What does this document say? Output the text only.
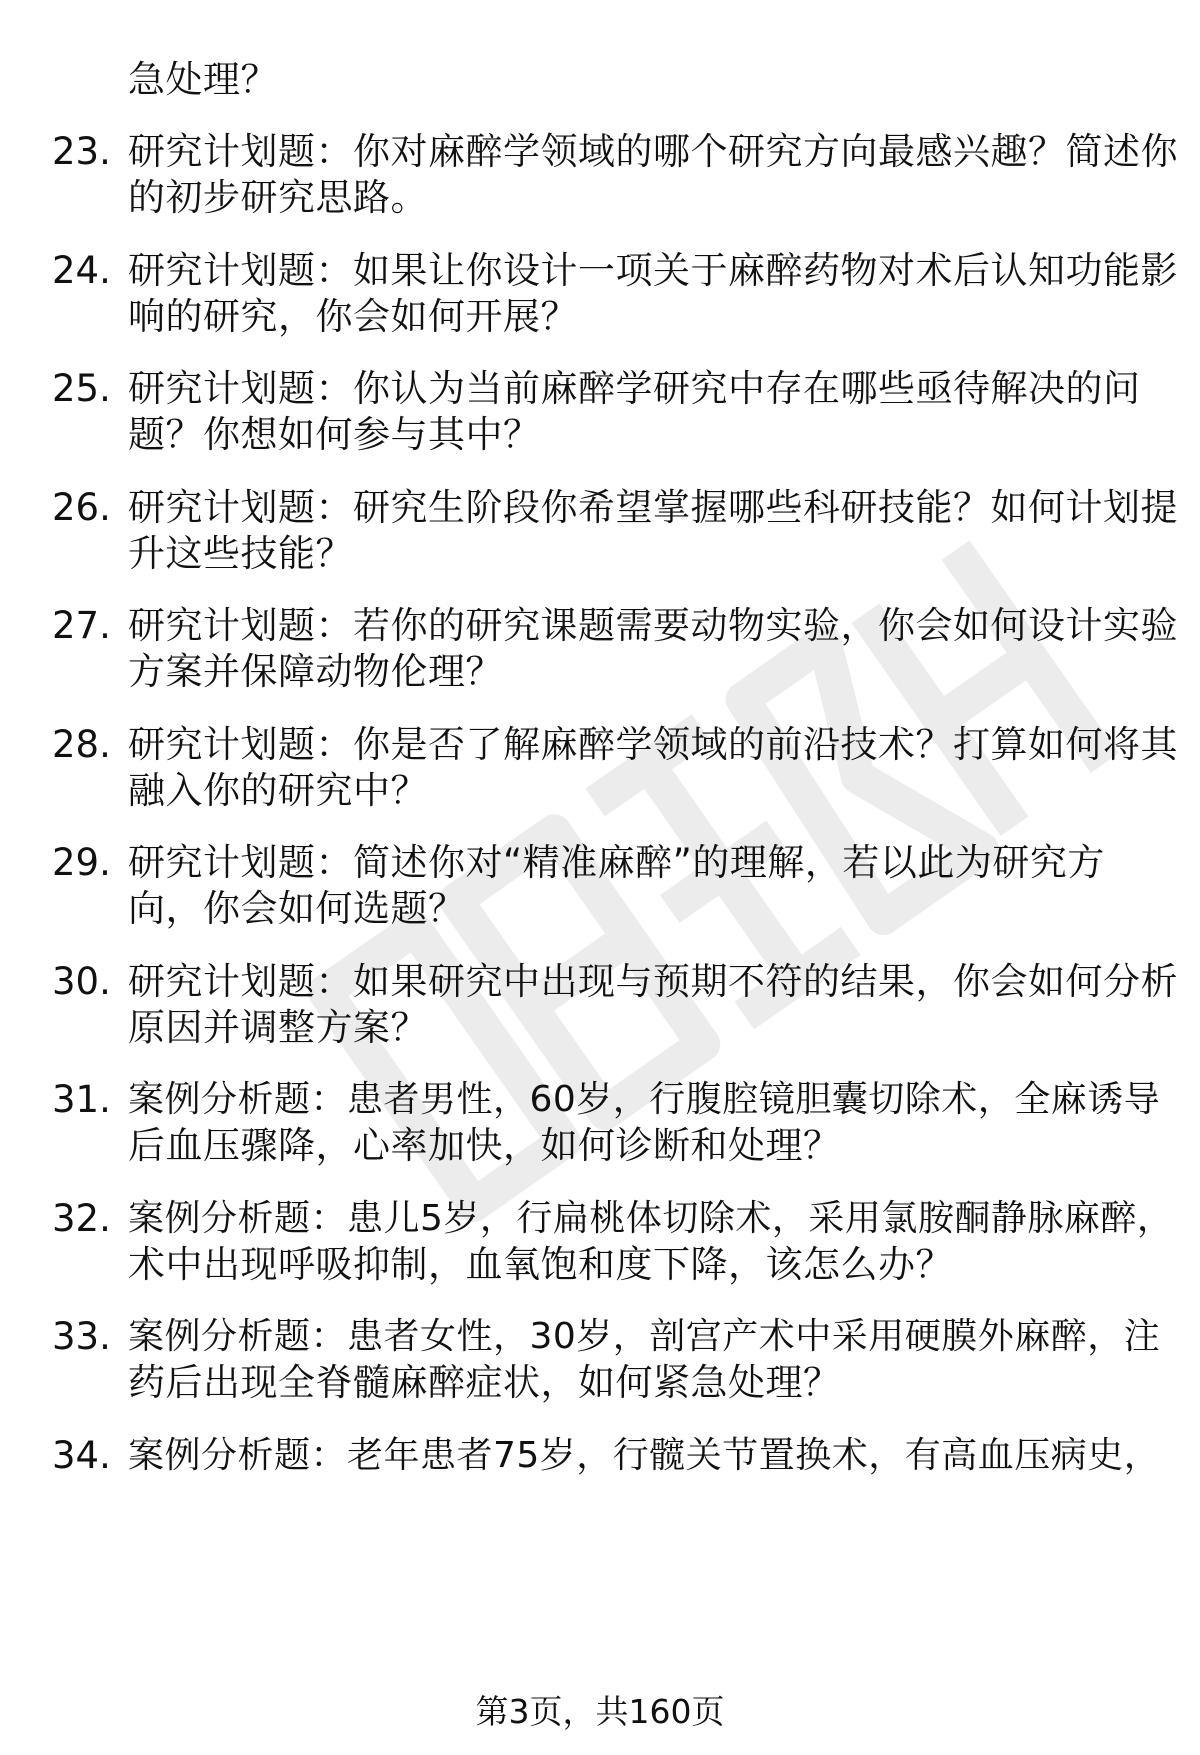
急处理？
23. 研究计划题：你对麻醉学领域的哪个研究方向最感兴趣？简述你
的初步研究思路。
24. 研究计划题：如果让你设计一项关于麻醉药物对术后认知功能影
响的研究，你会如何开展？
25. 研究计划题：你认为当前麻醉学研究中存在哪些亟待解决的问
题？你想如何参与其中？
26. 研究计划题：研究生阶段你希望掌握哪些科研技能？如何计划提
升这些技能？
27. 研究计划题：若你的研究课题需要动物实验，你会如何设计实验
方案并保障动物伦理？
28. 研究计划题：你是否了解麻醉学领域的前沿技术？打算如何将其
融入你的研究中？
29. 研究计划题：简述你对“精准麻醉”的理解，若以此为研究方
向，你会如何选题？
30. 研究计划题：如果研究中出现与预期不符的结果，你会如何分析
原因并调整方案？
31. 案例分析题：患者男性，60岁，行腹腔镜胆囊切除术，全麻诱导
后血压骤降，心率加快，如何诊断和处理？
32. 案例分析题：患儿5岁，行扁桃体切除术，采用氯胺酮静脉麻醉，
术中出现呼吸抑制，血氧饱和度下降，该怎么办？
33. 案例分析题：患者女性，30岁，剖宫产术中采用硬膜外麻醉，注
药后出现全脊髓麻醉症状，如何紧急处理？
34. 案例分析题：老年患者75岁，行髋关节置换术，有高血压病史，
第3页，共160页
